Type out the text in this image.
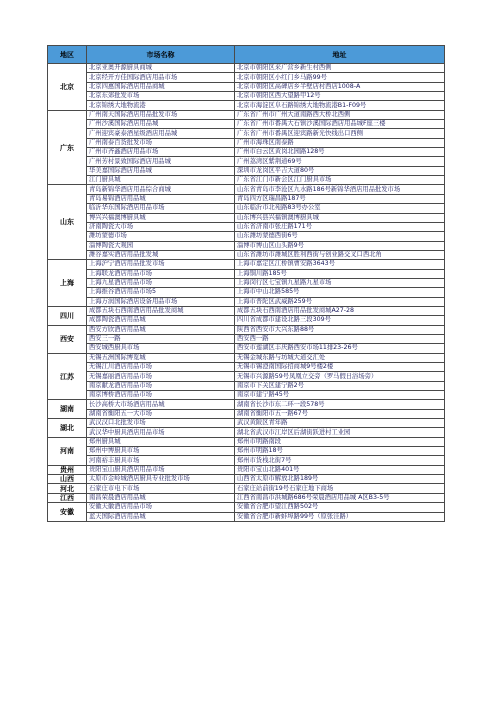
地区	市场名称	地址
北京	北京亚奥开源厨具商城	北京市朝阳区来广营乡新生村西侧
	北京经开方佳国际酒店用品市场	北京市朝阳区小红门乡马路99号
	北京四惠国际酒店用品商城	北京市朝阳区高碑店乡半壁店村西店1008-A
	北京东郊批发市场	北京市朝阳区西大望路甲12号
	北京锦绣大地物流港	北京市海淀区阜石路锦绣大地物流港B1-F09号
广东	广州南天国际酒店用品批发市场	广东省广州市广州大道南路西大桥北西侧
	广州沙溪国际酒店用品城	广东省广州市番禺大石镇沙溪国际酒店用品城F座三楼
	广州迎宾豪泰酒星级酒店用品城	广东省广州市番禺区迎宾路新光快线出口西侧
	广州南泰百货批发市场	广州市海珠区南泰路
	广州市齐鑫酒店用品市场	广州市白云区黄岗北园路128号
	广州芳村景致国际酒店用品城	广州荔湾区紫荆道69号
	华美嘉国际酒店用品城	深圳市龙岗区平吉大道80号
	江门厨具城	广东省江门市新会区江门厨具市场
山东	青岛新锦华酒店用品综合商城	山东省青岛市李沧区九水路186号新锦华酒店用品批发市场
	青岛易锦酒店用品城	青岛四方区瑞昌路187号
	临沂华东国际酒店用品市场	山东临沂市北苑路83号办公室
	博兴兴福澳博厨具城	山东博兴县兴福镇澳博厨具城
	济南陶瓷大市场	山东省济南市张庄路171号
	潍坊蒙德市场	山东潍坊蒙德西街6号
	淄博陶瓷大观园	淄博市博山区山头路9号
	潍谷嘉实酒店用品批发城	山东省潍坊市潍城区胜利西街与创业路交叉口西北角
上海	上海沪宁酒店用品批发市场	上海市嘉定区江桥镇曹安路3643号
	上海联龙酒店用品市场	上海铜川路185号
	上海九星酒店用品市场	上海闵行区七宝镇九星路九星市场
	上海推谷酒店用品市场5	上海市中山北路585号
	上海万润国际酒店设备用品市场	上海市普陀区武威路259号
四川	成都五块石西南酒店用品批发商城	成都五块石西南酒店用品批发商城A27-28
	成都陶瓷酒店用品城	四川省成都市建设北路三段309号
西安	西安方欣酒店用品城	陕西省西安市大兴东路88号
	西安三一路	西安西一路
	西安城西厨具市场	西安市莲湖区丰庆路西安市场11排23-26号
江苏	无锡五洲国际博览城	无锡金城东路与坊城大道交汇处
	无锡江川酒店用品市场	无锡市锡澄南国际招商城9号楼2楼
	无锡嘉丽酒店用品市场	无锡市兴源路59号凤凰立交旁（罗马假日浴场旁）
	南京献龙酒店用品市场	南京市下关区建宁路2号
	南京博桥酒店用品市场	南京市建宁路45号
湖南	长沙高桥大市场酒店用品城	湖南省长沙市东二环一段578号
	湖南省衡阳五一大市场	湖南省衡阳市五一路67号
湖北	武汉汉口北批发市场	武汉黄陂区青年路
	武汉华中厨具酒店用品市场	湖北省武汉市江岸区后湖街跃进村工业园
河南	郑州厨具城	郑州市明路南段
	郑州中博厨具市场	郑州市明路18号
	河南裕丰厨具市场	郑州市货栈北街7号
贵州	贵阳宝山厨具酒店用品市场	贵阳市宝山北路401号
山西	太原市金岭城酒店厨具专业批发市场	山西省太原市解放北路189号
河北	石家庄市电下市场	石家庄站前街19号石家庄地下商场
江西	南昌荣晨酒店用品城	江西省南昌市洪城路686号荣晨酒店用品城 A区B3-5号
安徽	安徽天徽酒店用品市场	安徽省合肥市望江西路502号
	蓝天国际酒店用品城	安徽省合肥市新蚌埠路99号（原张洼路）
